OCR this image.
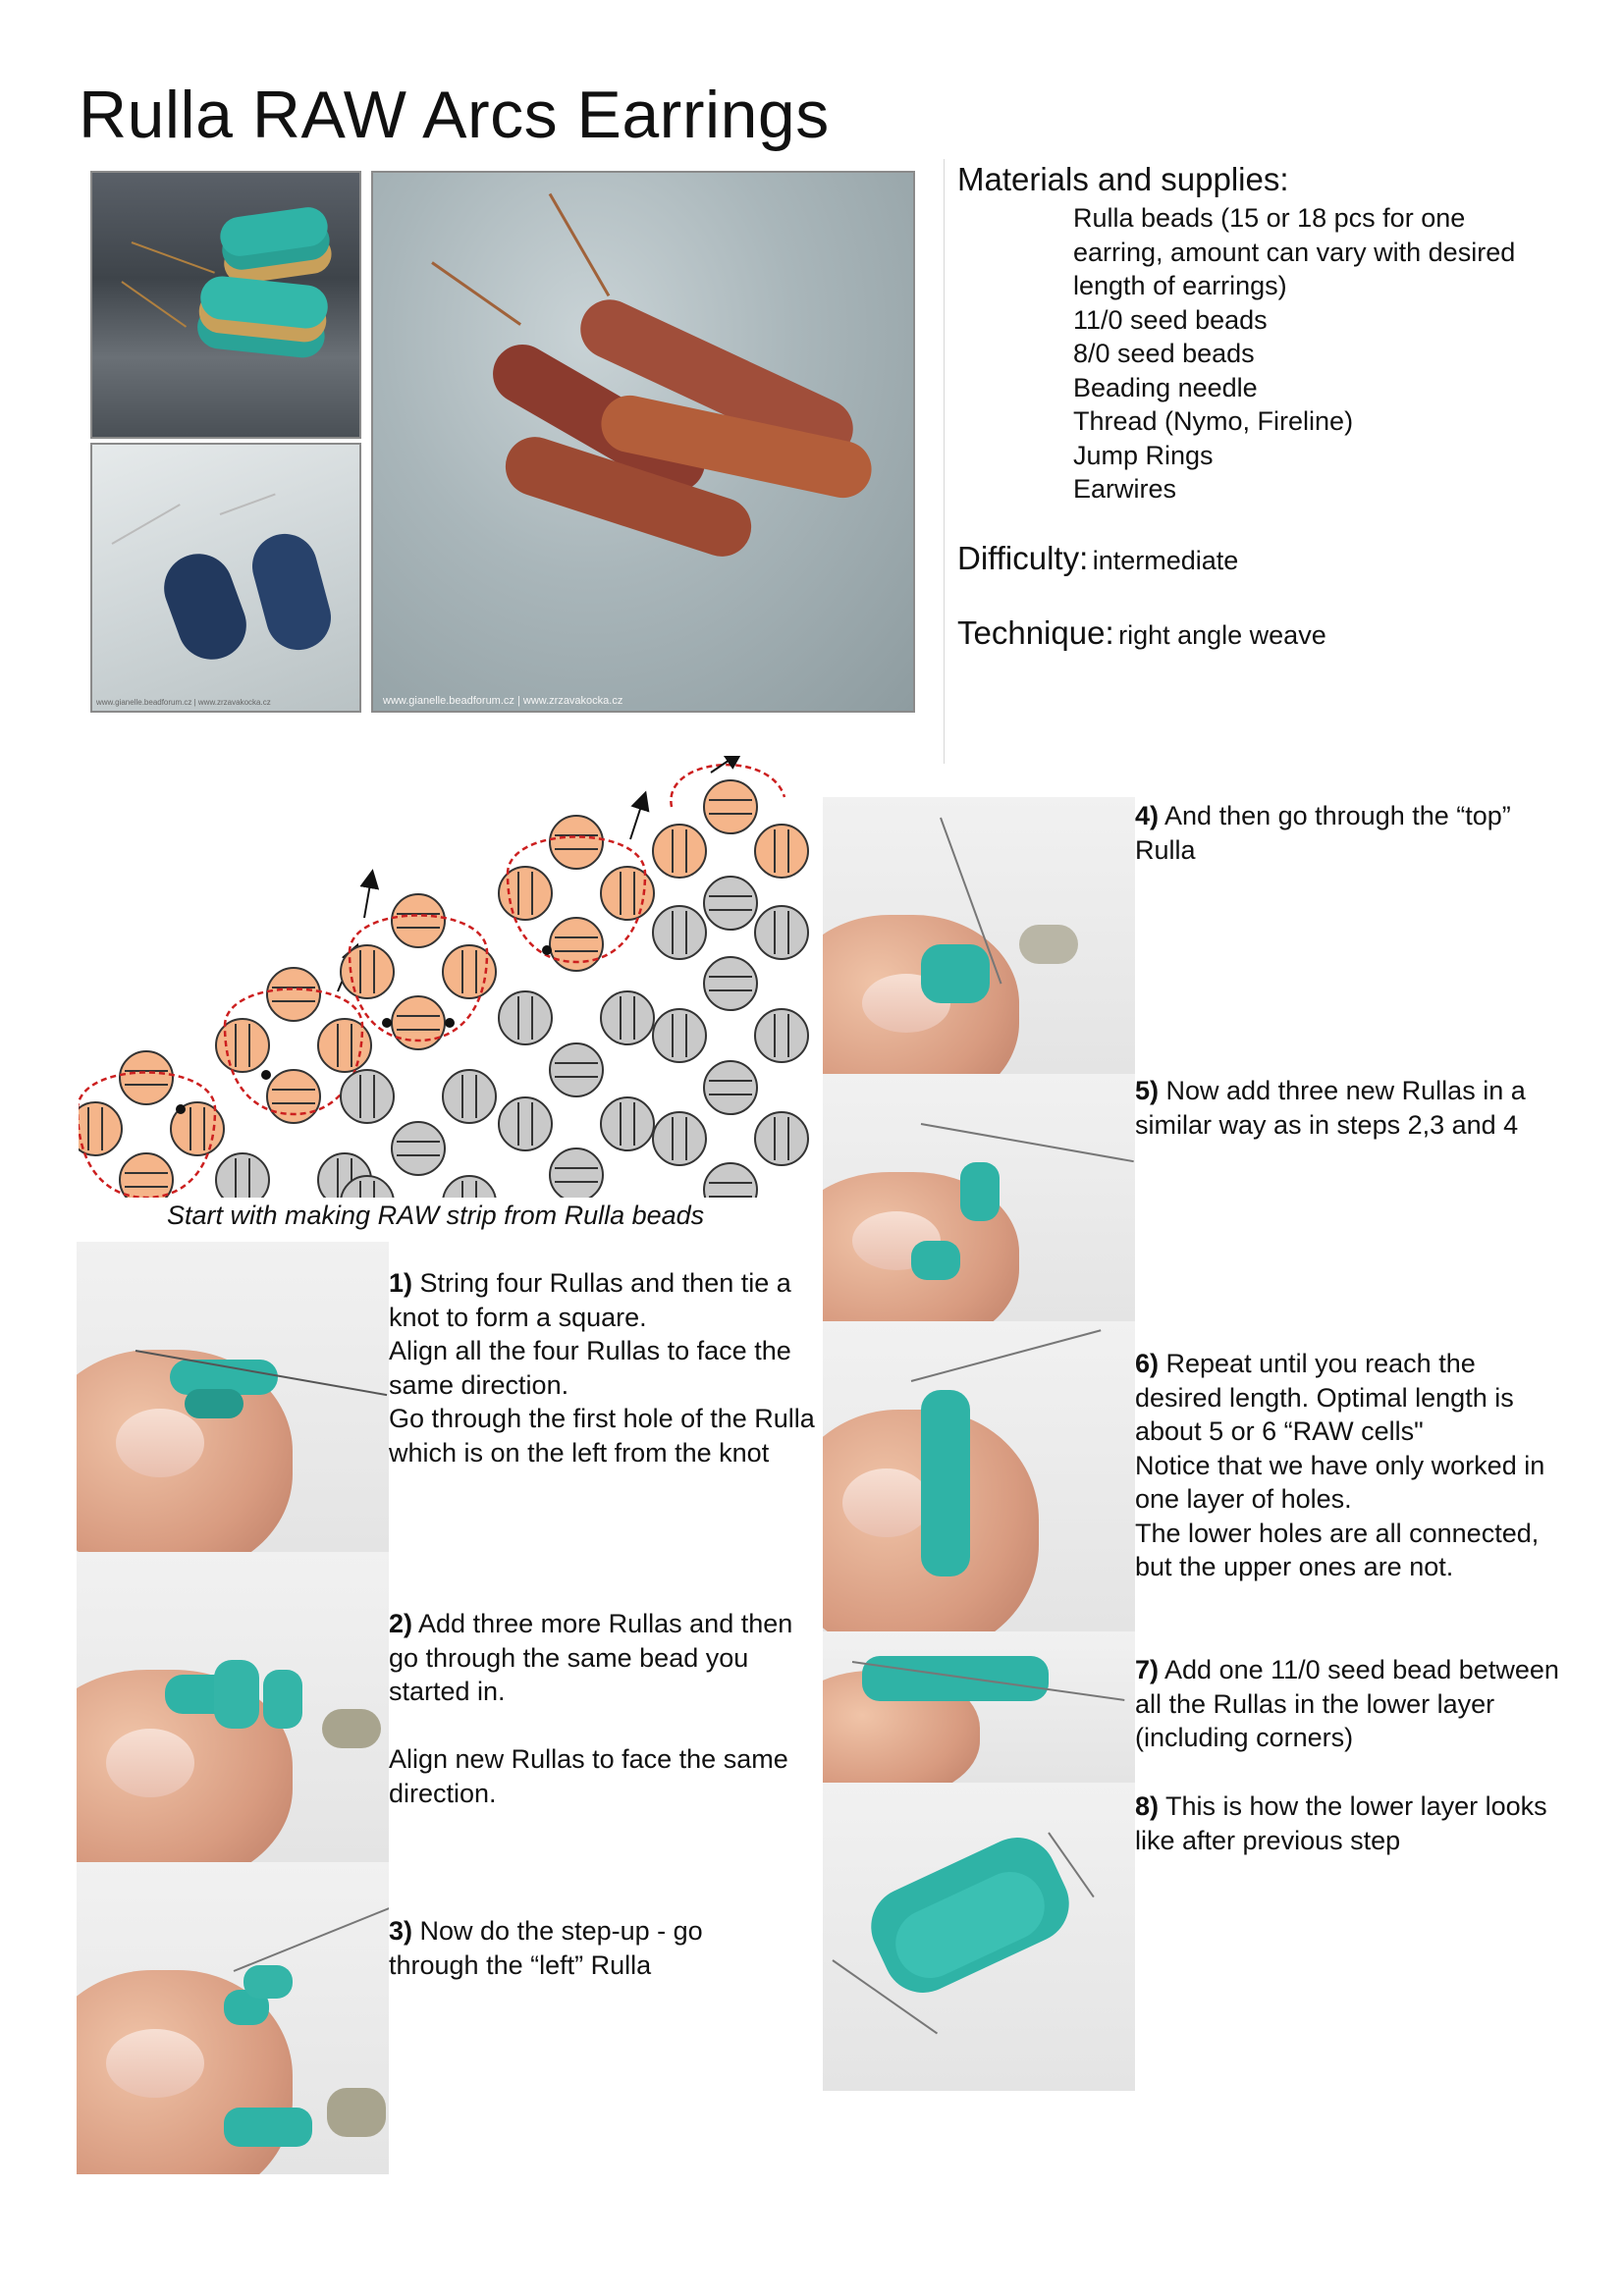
Rulla RAW Arcs Earrings
www.gianelle.beadforum.cz | www.zrzavakocka.cz	www.gianelle.beadforum.cz | www.zrzavakocka.cz
Materials and supplies:
Rulla beads (15 or 18 pcs for one earring, amount can vary with desired length of earrings)
11/0 seed beads
8/0 seed beads
Beading needle
Thread (Nymo, Fireline)
Jump Rings
Earwires
Difficulty: intermediate
Technique: right angle weave
Start with making RAW strip from Rulla beads
1) String four Rullas and then tie a knot to form a square.
Align all the four Rullas to face the same direction.
Go through the first hole of the Rulla which is on the left from the knot
2) Add three more Rullas and then go through the same bead you started in.

Align new Rullas to face the same direction.
3) Now do the step-up - go through the “left” Rulla
4) And then go through the “top” Rulla
5) Now add three new Rullas in a similar way as in steps 2,3 and 4
6) Repeat until you reach the desired length. Optimal length is about 5 or 6 “RAW cells"
Notice that we have only worked in one layer of holes.
The lower holes are all connected, but the upper ones are not.
7) Add one 11/0 seed bead between all the Rullas in the lower layer (including corners)
8) This is how the lower layer looks like after previous step
